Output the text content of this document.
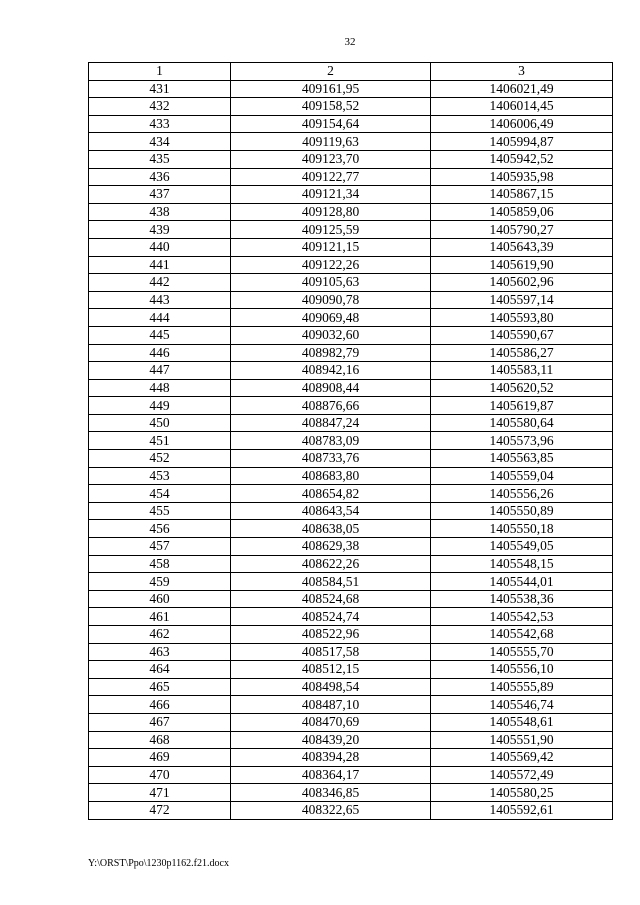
32
1	2	3
431	409161,95	1406021,49
432	409158,52	1406014,45
433	409154,64	1406006,49
434	409119,63	1405994,87
435	409123,70	1405942,52
436	409122,77	1405935,98
437	409121,34	1405867,15
438	409128,80	1405859,06
439	409125,59	1405790,27
440	409121,15	1405643,39
441	409122,26	1405619,90
442	409105,63	1405602,96
443	409090,78	1405597,14
444	409069,48	1405593,80
445	409032,60	1405590,67
446	408982,79	1405586,27
447	408942,16	1405583,11
448	408908,44	1405620,52
449	408876,66	1405619,87
450	408847,24	1405580,64
451	408783,09	1405573,96
452	408733,76	1405563,85
453	408683,80	1405559,04
454	408654,82	1405556,26
455	408643,54	1405550,89
456	408638,05	1405550,18
457	408629,38	1405549,05
458	408622,26	1405548,15
459	408584,51	1405544,01
460	408524,68	1405538,36
461	408524,74	1405542,53
462	408522,96	1405542,68
463	408517,58	1405555,70
464	408512,15	1405556,10
465	408498,54	1405555,89
466	408487,10	1405546,74
467	408470,69	1405548,61
468	408439,20	1405551,90
469	408394,28	1405569,42
470	408364,17	1405572,49
471	408346,85	1405580,25
472	408322,65	1405592,61
Y:\ORST\Ppo\1230p1162.f21.docx
